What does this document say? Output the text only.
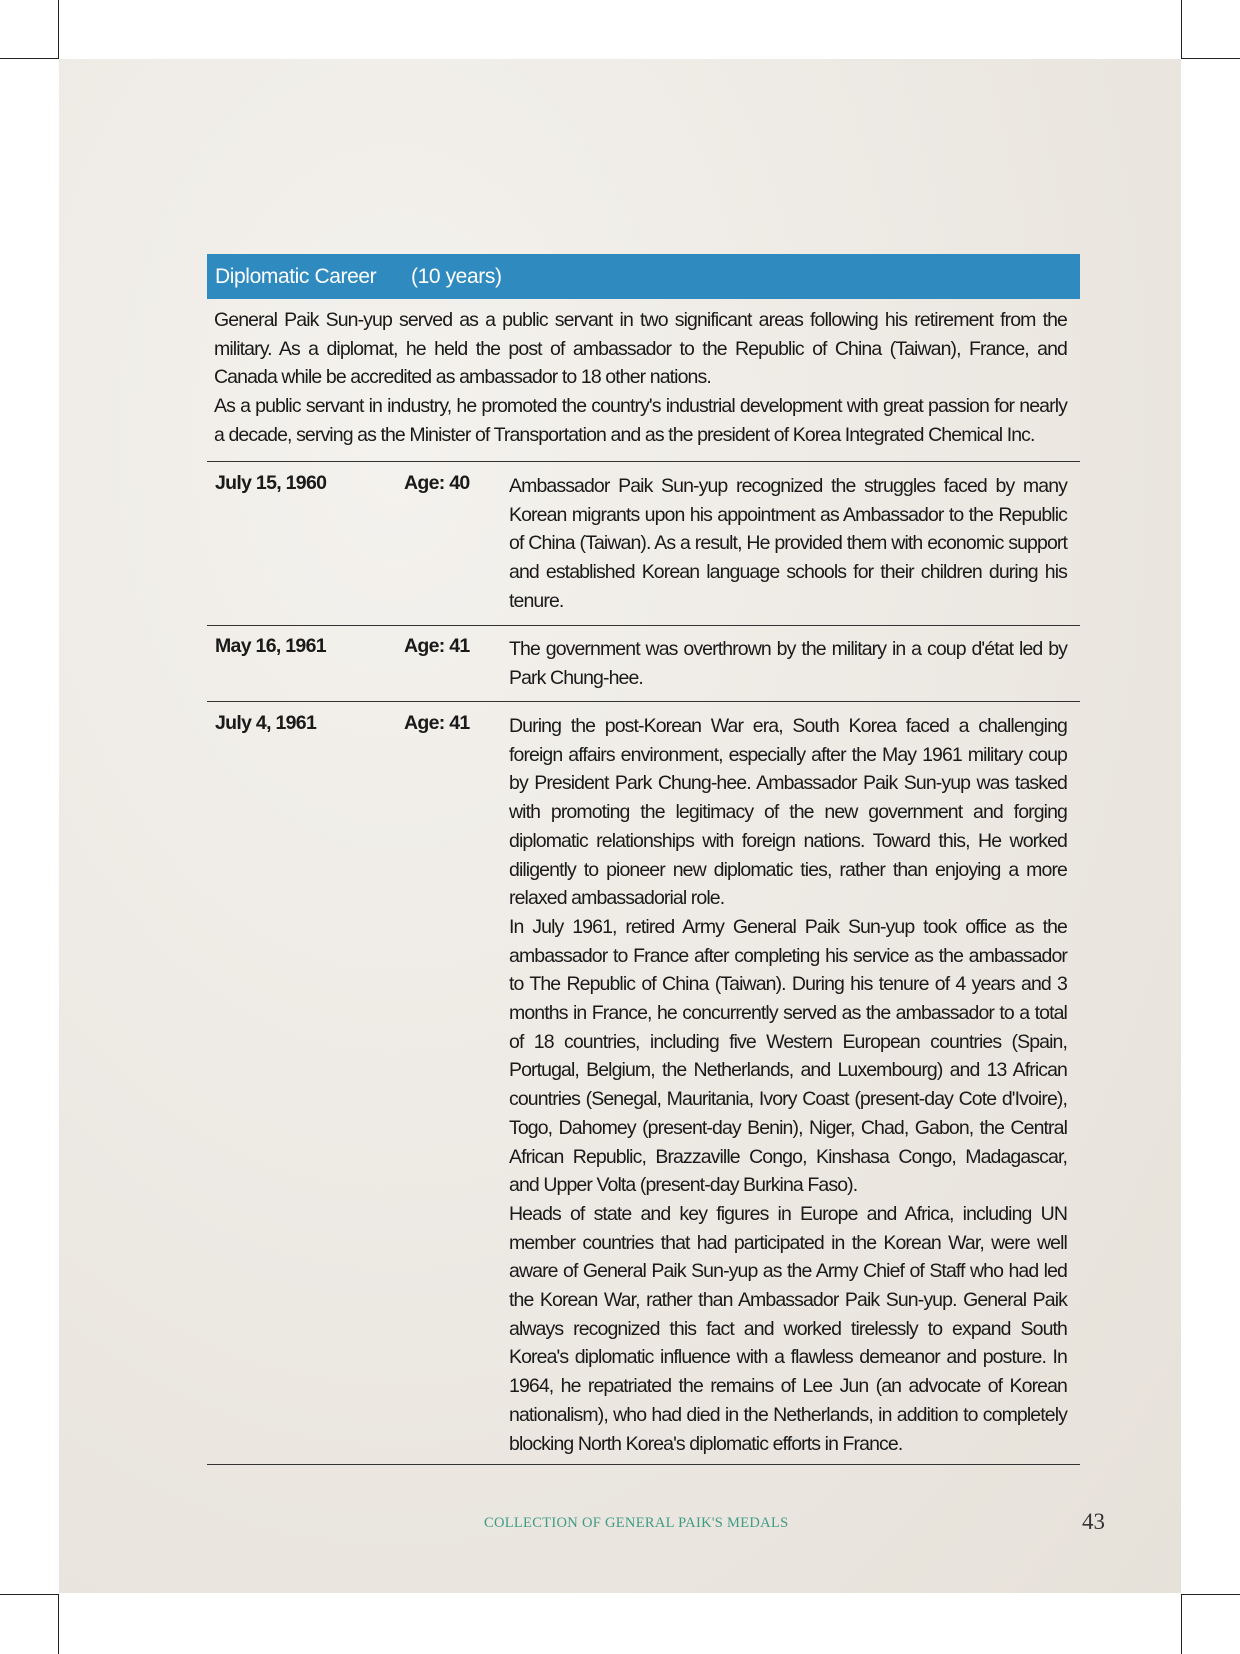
Diplomatic Career	(10 years)

General Paik Sun-yup served as a public servant in two significant areas following his retirement from the military. As a diplomat, he held the post of ambassador to the Republic of China (Taiwan), France, and Canada while be accredited as ambassador to 18 other nations.

As a public servant in industry, he promoted the country's industrial development with great passion for nearly a decade, serving as the Minister of Transportation and as the president of Korea Integrated Chemical Inc.

July 15, 1960	Age: 40 Ambassador Paik Sun-yup recognized the struggles faced by many Korean migrants upon his appointment as Ambassador to the Republic of China (Taiwan). As a result, He provided them with economic support and established Korean language schools for their children during his tenure.

May 16, 1961	Age: 41 The government was overthrown by the military in a coup d'état led by Park Chung-hee.

July 4, 1961	Age: 41 During the post-Korean War era, South Korea faced a challenging foreign affairs environment, especially after the May 1961 military coup by President Park Chung-hee. Ambassador Paik Sun-yup was tasked with promoting the legitimacy of the new government and forging diplomatic relationships with foreign nations. Toward this, He worked diligently to pioneer new diplomatic ties, rather than enjoying a more relaxed ambassadorial role.

In July 1961, retired Army General Paik Sun-yup took office as the ambassador to France after completing his service as the ambassador to The Republic of China (Taiwan). During his tenure of 4 years and 3 months in France, he concurrently served as the ambassador to a total of 18 countries, including five Western European countries (Spain, Portugal, Belgium, the Netherlands, and Luxembourg) and 13 African countries (Senegal, Mauritania, Ivory Coast (present-day Cote d'Ivoire), Togo, Dahomey (present-day Benin), Niger, Chad, Gabon, the Central African Republic, Brazzaville Congo, Kinshasa Congo, Madagascar, and Upper Volta (present-day Burkina Faso).

Heads of state and key figures in Europe and Africa, including UN member countries that had participated in the Korean War, were well aware of General Paik Sun-yup as the Army Chief of Staff who had led the Korean War, rather than Ambassador Paik Sun-yup. General Paik always recognized this fact and worked tirelessly to expand South Korea's diplomatic influence with a flawless demeanor and posture. In 1964, he repatriated the remains of Lee Jun (an advocate of Korean nationalism), who had died in the Netherlands, in addition to completely blocking North Korea's diplomatic efforts in France.

COLLECTION OF GENERAL PAIK'S MEDALS	43
